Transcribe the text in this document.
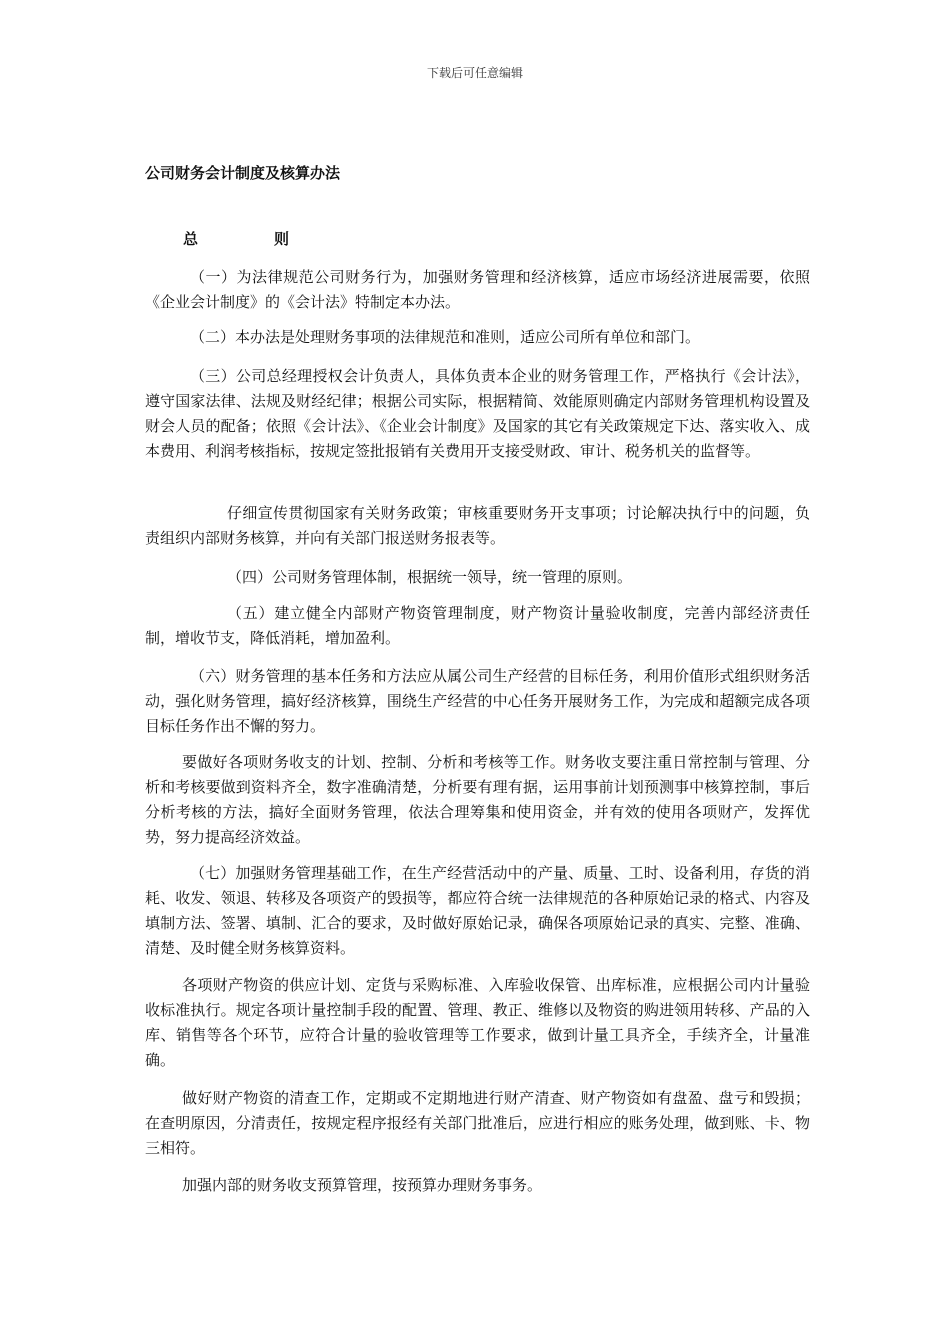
下载后可任意编辑
公司财务会计制度及核算办法
总	则

（一）为法律规范公司财务行为，加强财务管理和经济核算，适应市场经济进展需要，依照《企业会计制度》的《会计法》特制定本办法。

（二）本办法是处理财务事项的法律规范和准则，适应公司所有单位和部门。

（三）公司总经理授权会计负责人，具体负责本企业的财务管理工作，严格执行《会计法》，遵守国家法律、法规及财经纪律；根据公司实际，根据精简、效能原则确定内部财务管理机构设置及财会人员的配备；依照《会计法》、《企业会计制度》及国家的其它有关政策规定下达、落实收入、成本费用、利润考核指标，按规定签批报销有关费用开支接受财政、审计、税务机关的监督等。

仔细宣传贯彻国家有关财务政策；审核重要财务开支事项；讨论解决执行中的问题，负责组织内部财务核算，并向有关部门报送财务报表等。

（四）公司财务管理体制，根据统一领导，统一管理的原则。

（五）建立健全内部财产物资管理制度，财产物资计量验收制度，完善内部经济责任制，增收节支，降低消耗，增加盈利。

（六）财务管理的基本任务和方法应从属公司生产经营的目标任务，利用价值形式组织财务活动，强化财务管理，搞好经济核算，围绕生产经营的中心任务开展财务工作，为完成和超额完成各项目标任务作出不懈的努力。

要做好各项财务收支的计划、控制、分析和考核等工作。财务收支要注重日常控制与管理、分析和考核要做到资料齐全，数字准确清楚，分析要有理有据，运用事前计划预测事中核算控制，事后分析考核的方法，搞好全面财务管理，依法合理筹集和使用资金，并有效的使用各项财产，发挥优势，努力提高经济效益。

（七）加强财务管理基础工作，在生产经营活动中的产量、质量、工时、设备利用，存货的消耗、收发、领退、转移及各项资产的毁损等，都应符合统一法律规范的各种原始记录的格式、内容及填制方法、签署、填制、汇合的要求，及时做好原始记录，确保各项原始记录的真实、完整、准确、清楚、及时健全财务核算资料。

各项财产物资的供应计划、定货与采购标准、入库验收保管、出库标准，应根据公司内计量验收标准执行。规定各项计量控制手段的配置、管理、教正、维修以及物资的购进领用转移、产品的入库、销售等各个环节，应符合计量的验收管理等工作要求，做到计量工具齐全，手续齐全，计量准确。

做好财产物资的清查工作，定期或不定期地进行财产清查、财产物资如有盘盈、盘亏和毁损；在查明原因，分清责任，按规定程序报经有关部门批准后，应进行相应的账务处理，做到账、卡、物三相符。

加强内部的财务收支预算管理，按预算办理财务事务。
